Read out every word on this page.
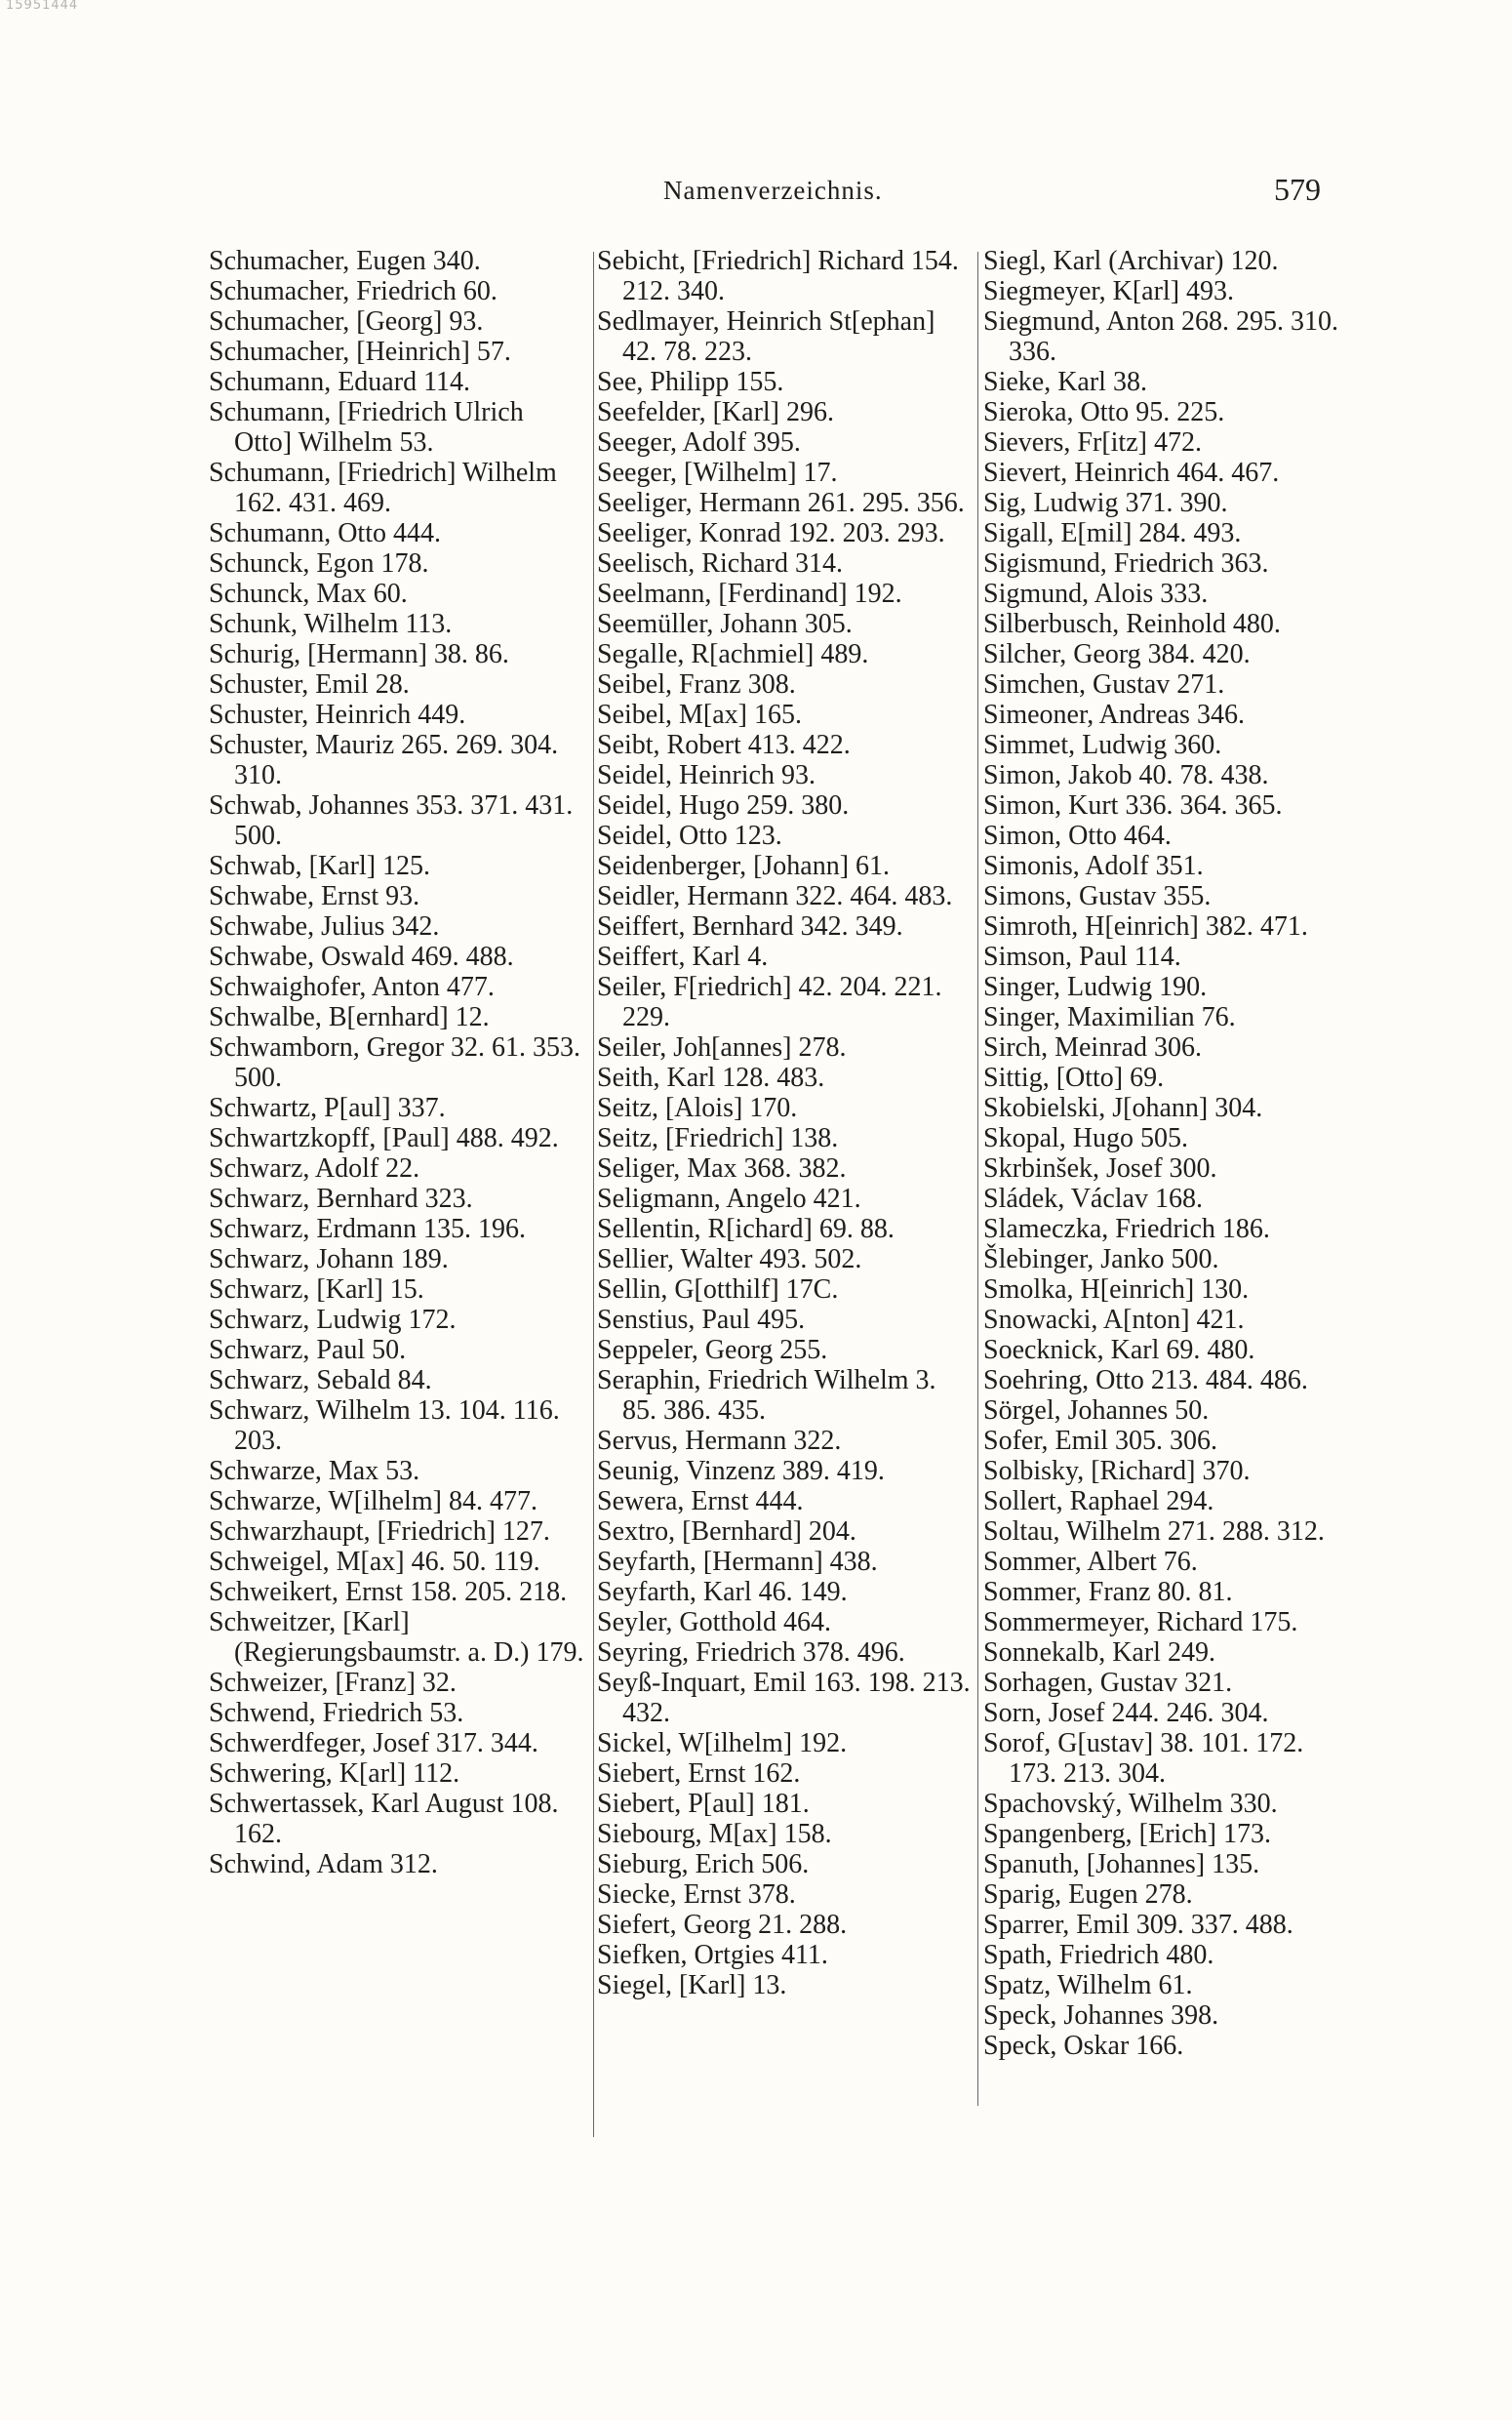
15951444
Namenverzeichnis.	579
Schumacher, Eugen 340.
Schumacher, Friedrich 60.
Schumacher, [Georg] 93.
Schumacher, [Heinrich] 57.
Schumann, Eduard 114.
Schumann, [Friedrich Ulrich Otto] Wilhelm 53.
Schumann, [Friedrich] Wilhelm 162. 431. 469.
Schumann, Otto 444.
Schunck, Egon 178.
Schunck, Max 60.
Schunk, Wilhelm 113.
Schurig, [Hermann] 38. 86.
Schuster, Emil 28.
Schuster, Heinrich 449.
Schuster, Mauriz 265. 269. 304. 310.
Schwab, Johannes 353. 371. 431. 500.
Schwab, [Karl] 125.
Schwabe, Ernst 93.
Schwabe, Julius 342.
Schwabe, Oswald 469. 488.
Schwaighofer, Anton 477.
Schwalbe, B[ernhard] 12.
Schwamborn, Gregor 32. 61. 353. 500.
Schwartz, P[aul] 337.
Schwartzkopff, [Paul] 488. 492.
Schwarz, Adolf 22.
Schwarz, Bernhard 323.
Schwarz, Erdmann 135. 196.
Schwarz, Johann 189.
Schwarz, [Karl] 15.
Schwarz, Ludwig 172.
Schwarz, Paul 50.
Schwarz, Sebald 84.
Schwarz, Wilhelm 13. 104. 116. 203.
Schwarze, Max 53.
Schwarze, W[ilhelm] 84. 477.
Schwarzhaupt, [Friedrich] 127.
Schweigel, M[ax] 46. 50. 119.
Schweikert, Ernst 158. 205. 218.
Schweitzer, [Karl] (Regierungsbaumstr. a. D.) 179.
Schweizer, [Franz] 32.
Schwend, Friedrich 53.
Schwerdfeger, Josef 317. 344.
Schwering, K[arl] 112.
Schwertassek, Karl August 108. 162.
Schwind, Adam 312.
Sebicht, [Friedrich] Richard 154. 212. 340.
Sedlmayer, Heinrich St[ephan] 42. 78. 223.
See, Philipp 155.
Seefelder, [Karl] 296.
Seeger, Adolf 395.
Seeger, [Wilhelm] 17.
Seeliger, Hermann 261. 295. 356.
Seeliger, Konrad 192. 203. 293.
Seelisch, Richard 314.
Seelmann, [Ferdinand] 192.
Seemüller, Johann 305.
Segalle, R[achmiel] 489.
Seibel, Franz 308.
Seibel, M[ax] 165.
Seibt, Robert 413. 422.
Seidel, Heinrich 93.
Seidel, Hugo 259. 380.
Seidel, Otto 123.
Seidenberger, [Johann] 61.
Seidler, Hermann 322. 464. 483.
Seiffert, Bernhard 342. 349.
Seiffert, Karl 4.
Seiler, F[riedrich] 42. 204. 221. 229.
Seiler, Joh[annes] 278.
Seith, Karl 128. 483.
Seitz, [Alois] 170.
Seitz, [Friedrich] 138.
Seliger, Max 368. 382.
Seligmann, Angelo 421.
Sellentin, R[ichard] 69. 88.
Sellier, Walter 493. 502.
Sellin, G[otthilf] 17C.
Senstius, Paul 495.
Seppeler, Georg 255.
Seraphin, Friedrich Wilhelm 3. 85. 386. 435.
Servus, Hermann 322.
Seunig, Vinzenz 389. 419.
Sewera, Ernst 444.
Sextro, [Bernhard] 204.
Seyfarth, [Hermann] 438.
Seyfarth, Karl 46. 149.
Seyler, Gotthold 464.
Seyring, Friedrich 378. 496.
Seyß-Inquart, Emil 163. 198. 213. 432.
Sickel, W[ilhelm] 192.
Siebert, Ernst 162.
Siebert, P[aul] 181.
Siebourg, M[ax] 158.
Sieburg, Erich 506.
Siecke, Ernst 378.
Siefert, Georg 21. 288.
Siefken, Ortgies 411.
Siegel, [Karl] 13.
Siegl, Karl (Archivar) 120.
Siegmeyer, K[arl] 493.
Siegmund, Anton 268. 295. 310. 336.
Sieke, Karl 38.
Sieroka, Otto 95. 225.
Sievers, Fr[itz] 472.
Sievert, Heinrich 464. 467.
Sig, Ludwig 371. 390.
Sigall, E[mil] 284. 493.
Sigismund, Friedrich 363.
Sigmund, Alois 333.
Silberbusch, Reinhold 480.
Silcher, Georg 384. 420.
Simchen, Gustav 271.
Simeoner, Andreas 346.
Simmet, Ludwig 360.
Simon, Jakob 40. 78. 438.
Simon, Kurt 336. 364. 365.
Simon, Otto 464.
Simonis, Adolf 351.
Simons, Gustav 355.
Simroth, H[einrich] 382. 471.
Simson, Paul 114.
Singer, Ludwig 190.
Singer, Maximilian 76.
Sirch, Meinrad 306.
Sittig, [Otto] 69.
Skobielski, J[ohann] 304.
Skopal, Hugo 505.
Skrbinšek, Josef 300.
Sládek, Václav 168.
Slameczka, Friedrich 186.
Šlebinger, Janko 500.
Smolka, H[einrich] 130.
Snowacki, A[nton] 421.
Soecknick, Karl 69. 480.
Soehring, Otto 213. 484. 486.
Sörgel, Johannes 50.
Sofer, Emil 305. 306.
Solbisky, [Richard] 370.
Sollert, Raphael 294.
Soltau, Wilhelm 271. 288. 312.
Sommer, Albert 76.
Sommer, Franz 80. 81.
Sommermeyer, Richard 175.
Sonnekalb, Karl 249.
Sorhagen, Gustav 321.
Sorn, Josef 244. 246. 304.
Sorof, G[ustav] 38. 101. 172. 173. 213. 304.
Spachovský, Wilhelm 330.
Spangenberg, [Erich] 173.
Spanuth, [Johannes] 135.
Sparig, Eugen 278.
Sparrer, Emil 309. 337. 488.
Spath, Friedrich 480.
Spatz, Wilhelm 61.
Speck, Johannes 398.
Speck, Oskar 166.
